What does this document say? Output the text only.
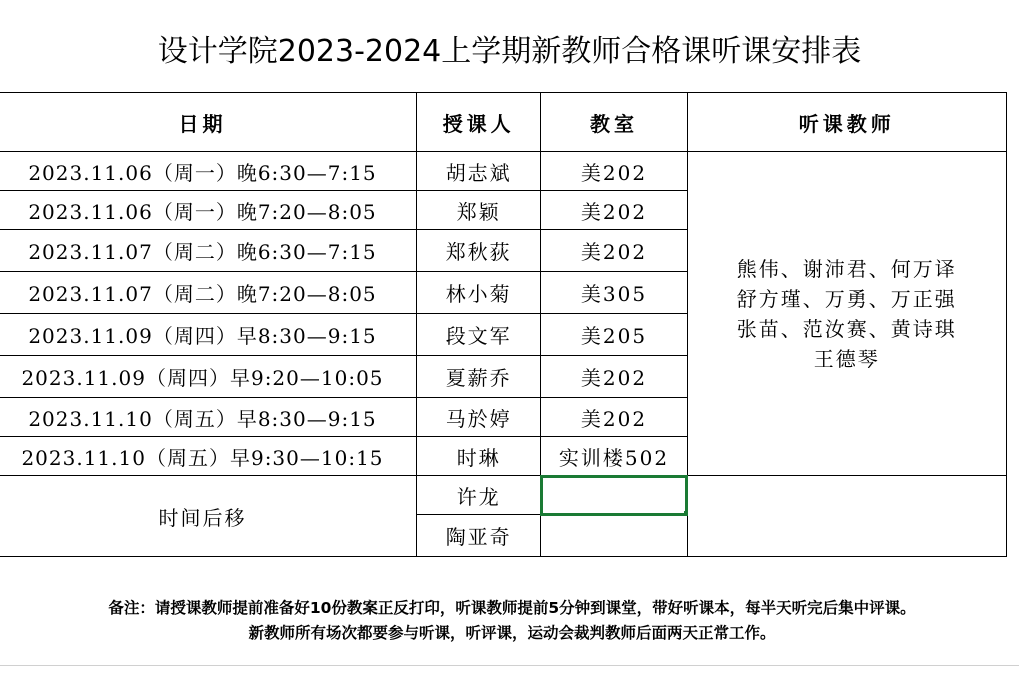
设计学院2023-2024上学期新教师合格课听课安排表
日期	授课人	教室	听课教师
2023.11.06（周一）晚6:30—7:15	胡志斌	美202	熊伟、谢沛君、何万译
舒方瑾、万勇、万正强
张苗、范汝赛、黄诗琪
王德琴

2023.11.06（周一）晚7:20—8:05	郑颖	美202	
2023.11.07（周二）晚6:30—7:15	郑秋荻	美202	
2023.11.07（周二）晚7:20—8:05	林小菊	美305	
2023.11.09（周四）早8:30—9:15	段文军	美205	
2023.11.09（周四）早9:20—10:05	夏薪乔	美202	
2023.11.10（周五）早8:30—9:15	马於婷	美202	
2023.11.10（周五）早9:30—10:15	时琳	实训楼502	
时间后移	许龙	

	陶亚奇		
备注：请授课教师提前准备好10份教案正反打印，听课教师提前5分钟到课堂，带好听课本，每半天听完后集中评课。
新教师所有场次都要参与听课，听评课，运动会裁判教师后面两天正常工作。
